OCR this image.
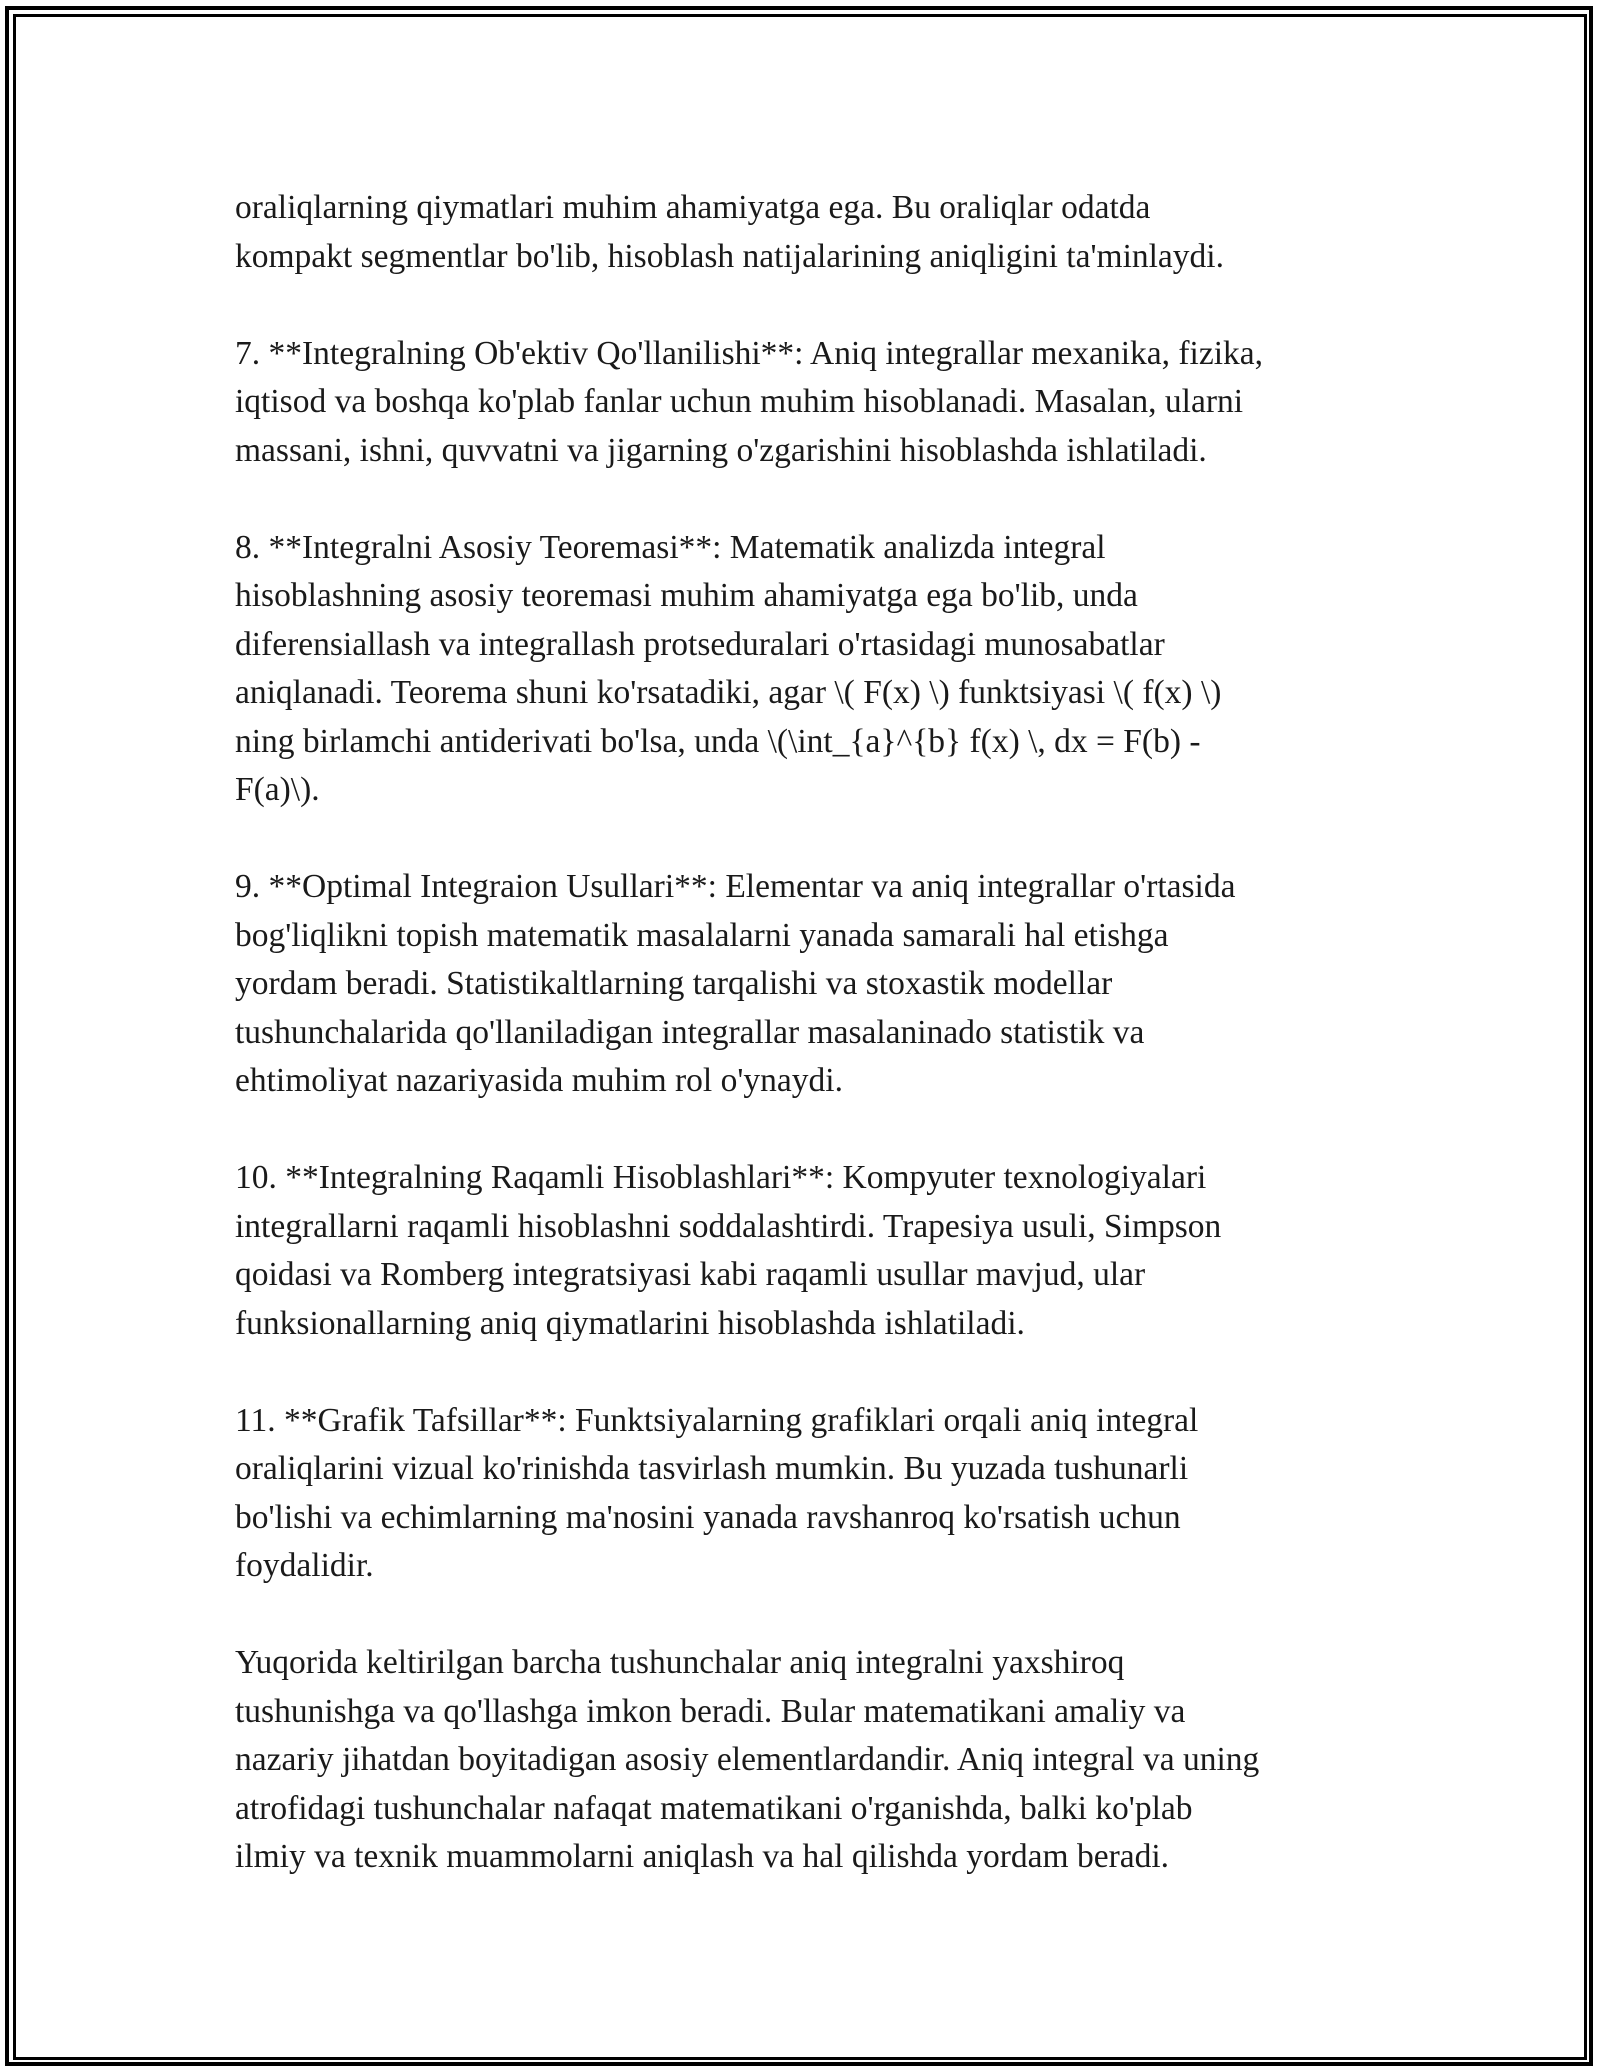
oraliqlarning qiymatlari muhim ahamiyatga ega. Bu oraliqlar odatda
kompakt segmentlar bo'lib, hisoblash natijalarining aniqligini ta'minlaydi.

7. **Integralning Ob'ektiv Qo'llanilishi**: Aniq integrallar mexanika, fizika,
iqtisod va boshqa ko'plab fanlar uchun muhim hisoblanadi. Masalan, ularni
massani, ishni, quvvatni va jigarning o'zgarishini hisoblashda ishlatiladi.

8. **Integralni Asosiy Teoremasi**: Matematik analizda integral
hisoblashning asosiy teoremasi muhim ahamiyatga ega bo'lib, unda
diferensiallash va integrallash protseduralari o'rtasidagi munosabatlar
aniqlanadi. Teorema shuni ko'rsatadiki, agar \( F(x) \) funktsiyasi \( f(x) \)
ning birlamchi antiderivati bo'lsa, unda \(\int_{a}^{b} f(x) \, dx = F(b) -
F(a)\).

9. **Optimal Integraion Usullari**: Elementar va aniq integrallar o'rtasida
bog'liqlikni topish matematik masalalarni yanada samarali hal etishga
yordam beradi. Statistikaltlarning tarqalishi va stoxastik modellar
tushunchalarida qo'llaniladigan integrallar masalaninado statistik va
ehtimoliyat nazariyasida muhim rol o'ynaydi.

10. **Integralning Raqamli Hisoblashlari**: Kompyuter texnologiyalari
integrallarni raqamli hisoblashni soddalashtirdi. Trapesiya usuli, Simpson
qoidasi va Romberg integratsiyasi kabi raqamli usullar mavjud, ular
funksionallarning aniq qiymatlarini hisoblashda ishlatiladi.

11. **Grafik Tafsillar**: Funktsiyalarning grafiklari orqali aniq integral
oraliqlarini vizual ko'rinishda tasvirlash mumkin. Bu yuzada tushunarli
bo'lishi va echimlarning ma'nosini yanada ravshanroq ko'rsatish uchun
foydalidir.

Yuqorida keltirilgan barcha tushunchalar aniq integralni yaxshiroq
tushunishga va qo'llashga imkon beradi. Bular matematikani amaliy va
nazariy jihatdan boyitadigan asosiy elementlardandir. Aniq integral va uning
atrofidagi tushunchalar nafaqat matematikani o'rganishda, balki ko'plab
ilmiy va texnik muammolarni aniqlash va hal qilishda yordam beradi.
